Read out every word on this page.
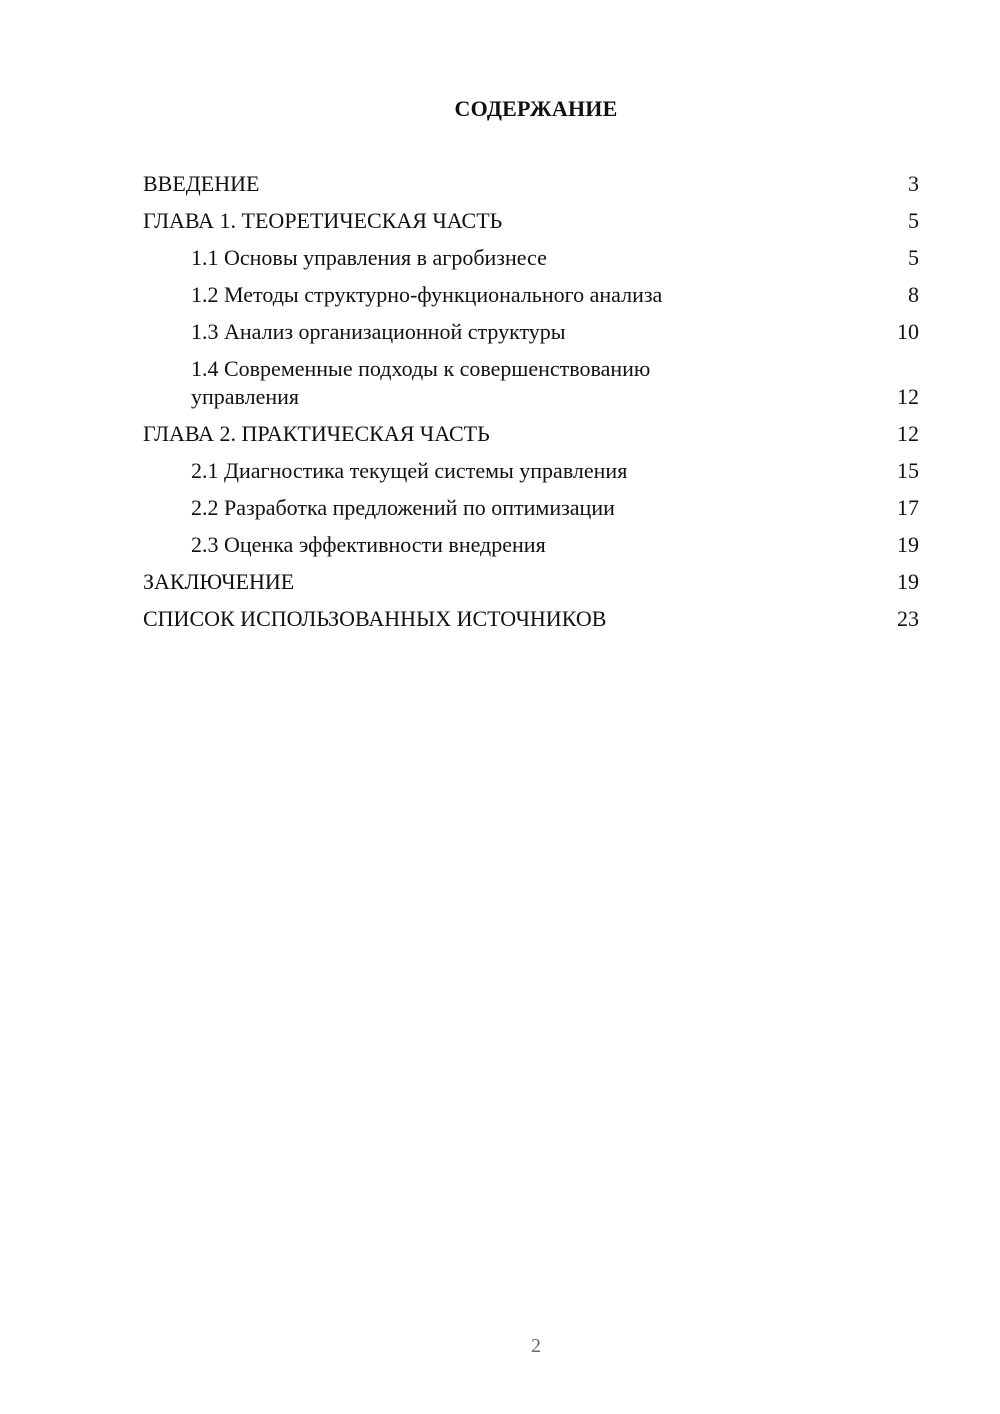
СОДЕРЖАНИЕ
ВВЕДЕНИЕ	3
ГЛАВА 1. ТЕОРЕТИЧЕСКАЯ ЧАСТЬ	5
1.1 Основы управления в агробизнесе	5
1.2 Методы структурно-функционального анализа	8
1.3 Анализ организационной структуры	10
1.4 Современные подходы к совершенствованию управления	12
ГЛАВА 2. ПРАКТИЧЕСКАЯ ЧАСТЬ	12
2.1 Диагностика текущей системы управления	15
2.2 Разработка предложений по оптимизации	17
2.3 Оценка эффективности внедрения	19
ЗАКЛЮЧЕНИЕ	19
СПИСОК ИСПОЛЬЗОВАННЫХ ИСТОЧНИКОВ	23
2
